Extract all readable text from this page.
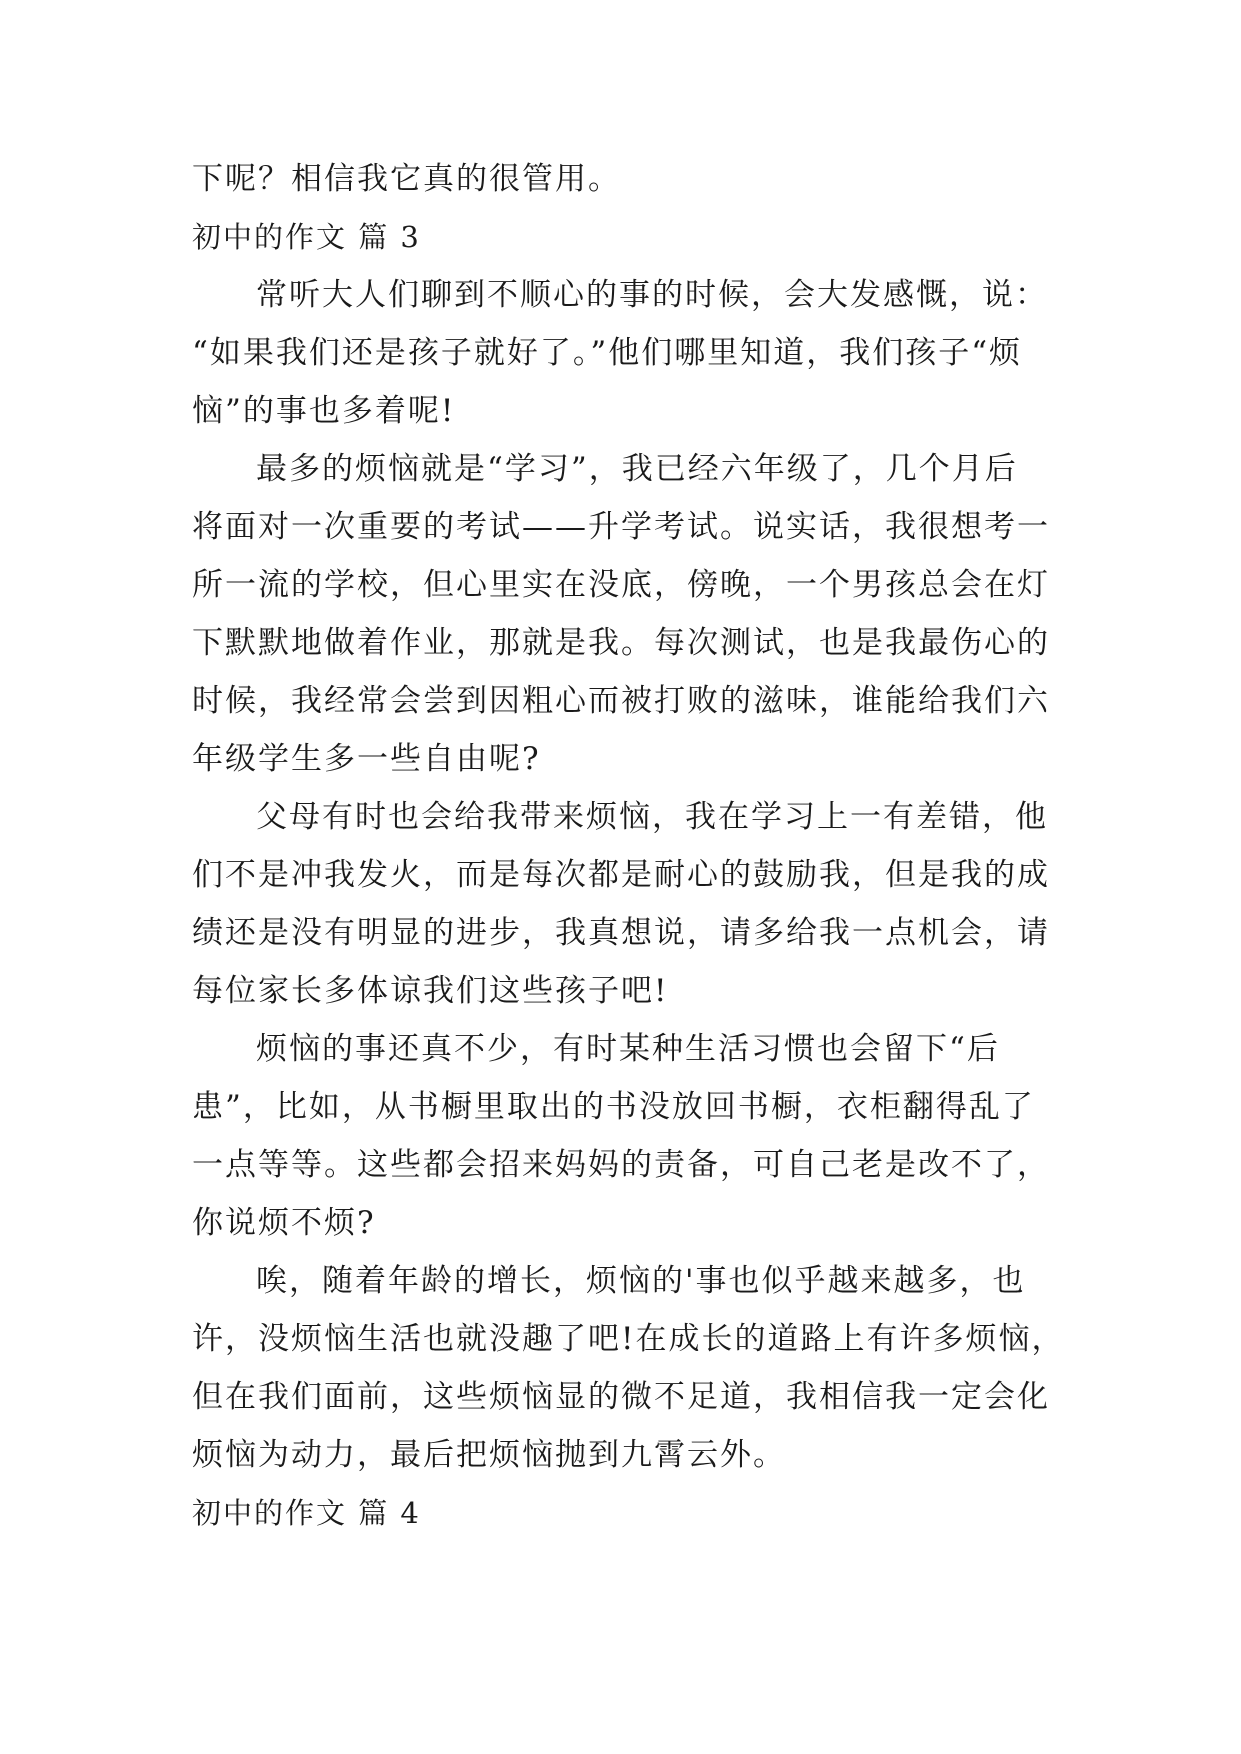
下呢？相信我它真的很管用。
初中的作文 篇 3
常听大人们聊到不顺心的事的时候，会大发感慨，说：
“如果我们还是孩子就好了。”他们哪里知道，我们孩子“烦
恼”的事也多着呢!
最多的烦恼就是“学习”，我已经六年级了，几个月后
将面对一次重要的考试——升学考试。说实话，我很想考一
所一流的学校，但心里实在没底，傍晚，一个男孩总会在灯
下默默地做着作业，那就是我。每次测试，也是我最伤心的
时候，我经常会尝到因粗心而被打败的滋味，谁能给我们六
年级学生多一些自由呢?
父母有时也会给我带来烦恼，我在学习上一有差错，他
们不是冲我发火，而是每次都是耐心的鼓励我，但是我的成
绩还是没有明显的进步，我真想说，请多给我一点机会，请
每位家长多体谅我们这些孩子吧!
烦恼的事还真不少，有时某种生活习惯也会留下“后
患”，比如，从书橱里取出的书没放回书橱，衣柜翻得乱了
一点等等。这些都会招来妈妈的责备，可自己老是改不了，
你说烦不烦?
唉，随着年龄的增长，烦恼的'事也似乎越来越多，也
许，没烦恼生活也就没趣了吧!在成长的道路上有许多烦恼，
但在我们面前，这些烦恼显的微不足道，我相信我一定会化
烦恼为动力，最后把烦恼抛到九霄云外。
初中的作文 篇 4
